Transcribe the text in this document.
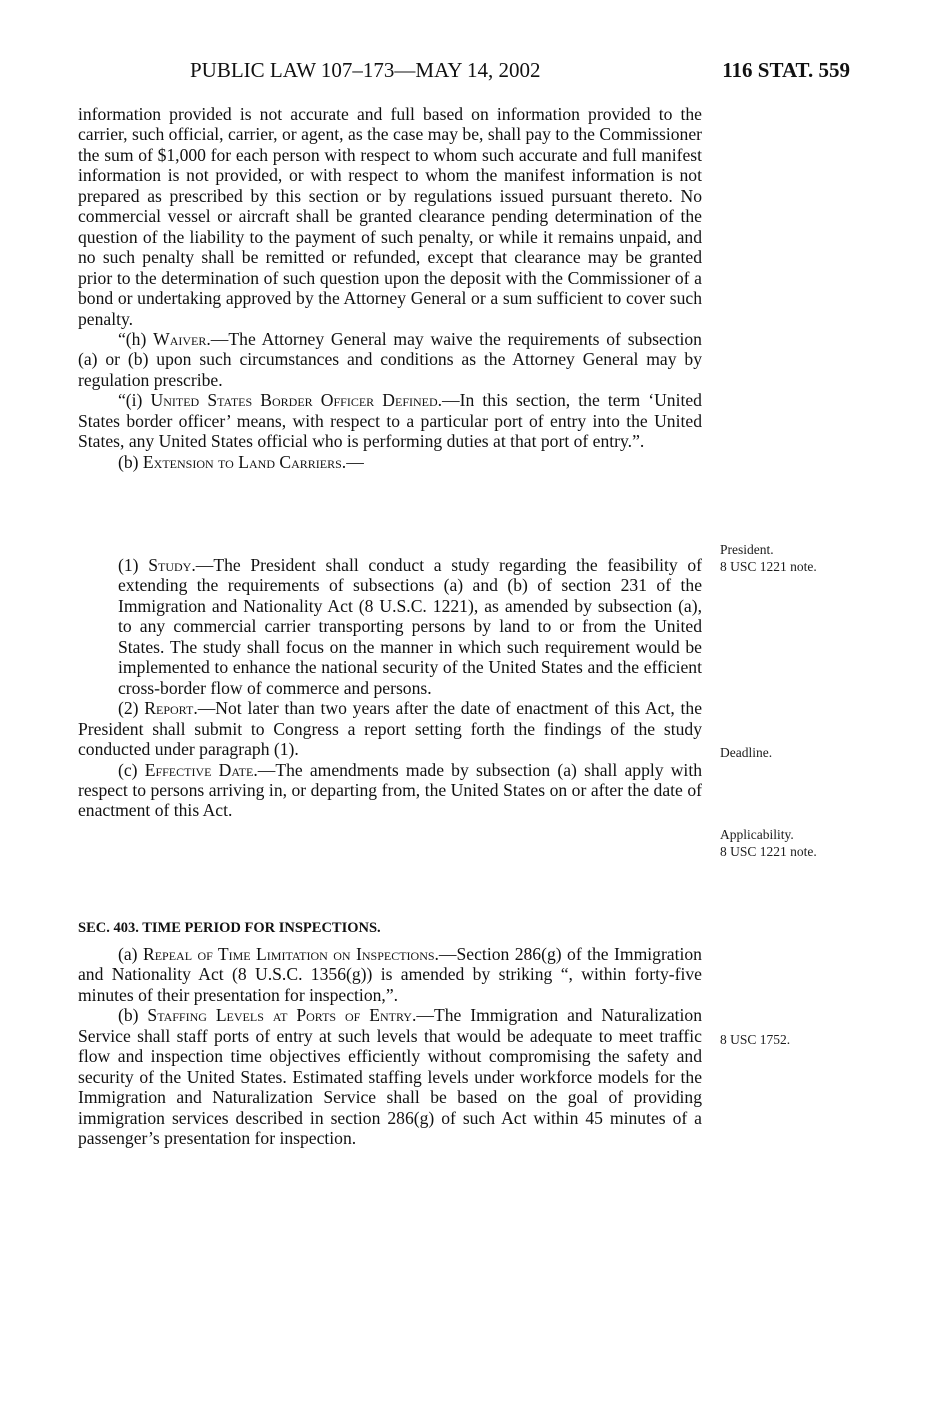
PUBLIC LAW 107–173—MAY 14, 2002	116 STAT. 559

information provided is not accurate and full based on information provided to the carrier, such official, carrier, or agent, as the case may be, shall pay to the Commissioner the sum of $1,000 for each person with respect to whom such accurate and full manifest information is not provided, or with respect to whom the manifest information is not prepared as prescribed by this section or by regulations issued pursuant thereto. No commercial vessel or aircraft shall be granted clearance pending determination of the question of the liability to the payment of such penalty, or while it remains unpaid, and no such penalty shall be remitted or refunded, except that clearance may be granted prior to the determination of such question upon the deposit with the Commissioner of a bond or undertaking approved by the Attorney General or a sum sufficient to cover such penalty.

“(h) Waiver.—The Attorney General may waive the requirements of subsection (a) or (b) upon such circumstances and conditions as the Attorney General may by regulation prescribe.

“(i) United States Border Officer Defined.—In this section, the term ‘United States border officer’ means, with respect to a particular port of entry into the United States, any United States official who is performing duties at that port of entry.”.

(b) Extension to Land Carriers.—

(1) Study.—The President shall conduct a study regarding the feasibility of extending the requirements of subsections (a) and (b) of section 231 of the Immigration and Nationality Act (8 U.S.C. 1221), as amended by subsection (a), to any commercial carrier transporting persons by land to or from the United States. The study shall focus on the manner in which such requirement would be implemented to enhance the national security of the United States and the efficient cross-border flow of commerce and persons.

(2) Report.—Not later than two years after the date of enactment of this Act, the President shall submit to Congress a report setting forth the findings of the study conducted under paragraph (1).

(c) Effective Date.—The amendments made by subsection (a) shall apply with respect to persons arriving in, or departing from, the United States on or after the date of enactment of this Act.

SEC. 403. TIME PERIOD FOR INSPECTIONS.

(a) Repeal of Time Limitation on Inspections.—Section 286(g) of the Immigration and Nationality Act (8 U.S.C. 1356(g)) is amended by striking “, within forty-five minutes of their presentation for inspection,”.

(b) Staffing Levels at Ports of Entry.—The Immigration and Naturalization Service shall staff ports of entry at such levels that would be adequate to meet traffic flow and inspection time objectives efficiently without compromising the safety and security of the United States. Estimated staffing levels under workforce models for the Immigration and Naturalization Service shall be based on the goal of providing immigration services described in section 286(g) of such Act within 45 minutes of a passenger’s presentation for inspection.

President.
8 USC 1221 note.
Deadline.
Applicability.
8 USC 1221 note.
8 USC 1752.
